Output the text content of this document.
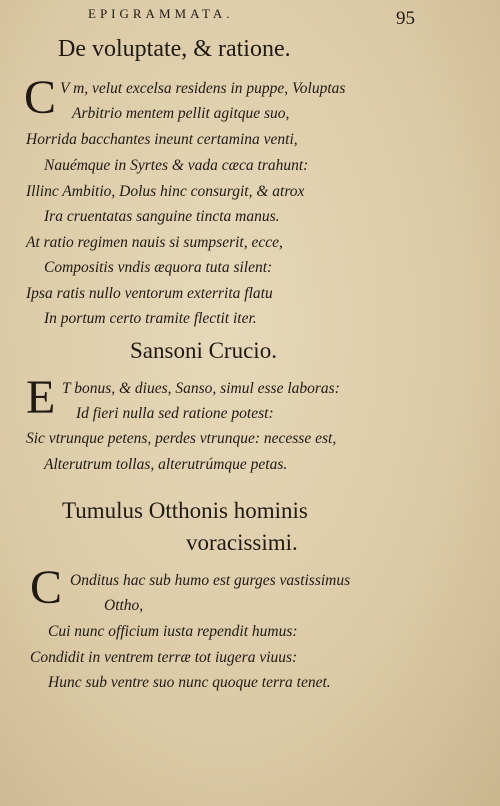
EPIGRAMMATA.	95
De voluptate, & ratione.
C V m, velut excelsa residens in puppe, Voluptas
Arbitrio mentem pellit agitque suo,
Horrida bacchantes ineunt certamina venti,
Nauémque in Syrtes & vada cæca trahunt:
Illinc Ambitio, Dolus hinc consurgit, & atrox
Ira cruentatas sanguine tincta manus.
At ratio regimen nauis si sumpserit, ecce,
Compositis vndis æquora tuta silent:
Ipsa ratis nullo ventorum exterrita flatu
In portum certo tramite flectit iter.
Sansoni Crucio.
E T bonus, & diues, Sanso, simul esse laboras:
Id fieri nulla sed ratione potest:
Sic vtrunque petens, perdes vtrunque: necesse est,
Alterutrum tollas, alterutrúmque petas.
Tumulus Otthonis hominis
voracissimi.
C Onditus hac sub humo est gurges vastissimus
Ottho,
Cui nunc officium iusta rependit humus:
Condidit in ventrem terræ tot iugera viuus:
Hunc sub ventre suo nunc quoque terra tenet.
